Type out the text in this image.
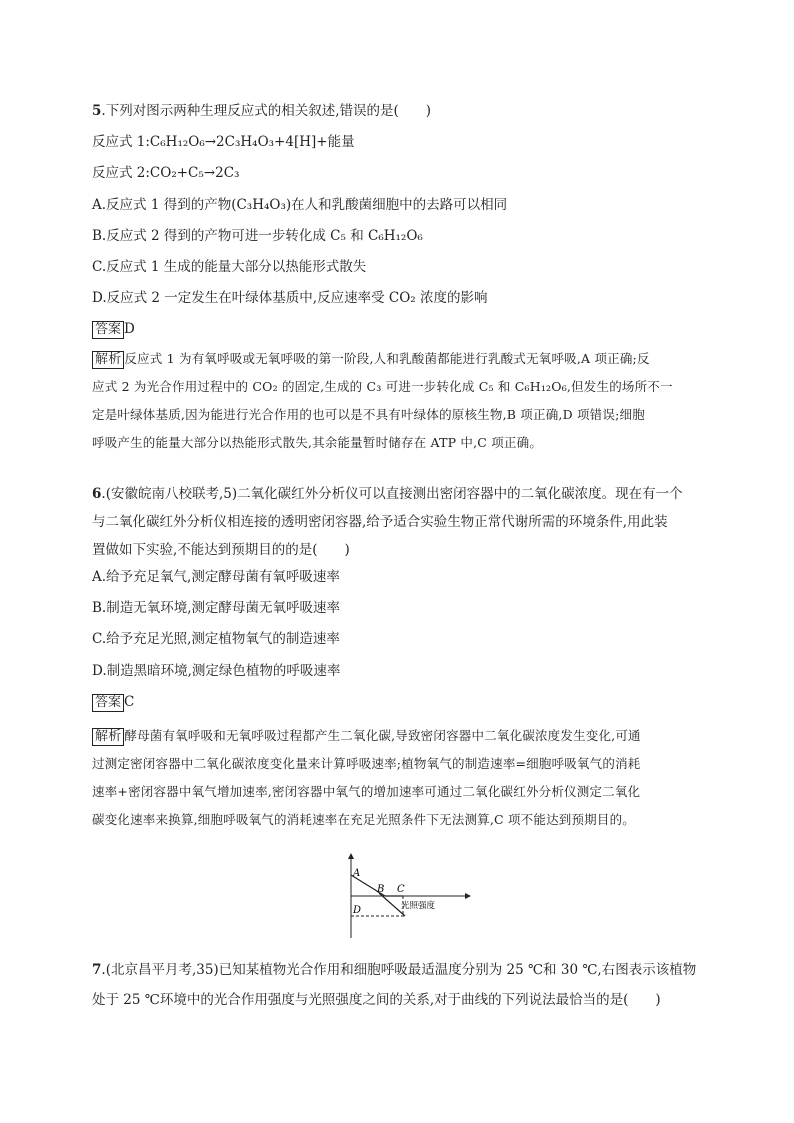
5.下列对图示两种生理反应式的相关叙述,错误的是(　　)
反应式 1:C₆H₁₂O₆→2C₃H₄O₃+4[H]+能量
反应式 2:CO₂+C₅→2C₃
A.反应式 1 得到的产物(C₃H₄O₃)在人和乳酸菌细胞中的去路可以相同
B.反应式 2 得到的产物可进一步转化成 C₅ 和 C₆H₁₂O₆
C.反应式 1 生成的能量大部分以热能形式散失
D.反应式 2 一定发生在叶绿体基质中,反应速率受 CO₂ 浓度的影响
答案 D
解析 反应式 1 为有氧呼吸或无氧呼吸的第一阶段,人和乳酸菌都能进行乳酸式无氧呼吸,A 项正确;反
应式 2 为光合作用过程中的 CO₂ 的固定,生成的 C₃ 可进一步转化成 C₅ 和 C₆H₁₂O₆,但发生的场所不一
定是叶绿体基质,因为能进行光合作用的也可以是不具有叶绿体的原核生物,B 项正确,D 项错误;细胞
呼吸产生的能量大部分以热能形式散失,其余能量暂时储存在 ATP 中,C 项正确。
6.(安徽皖南八校联考,5)二氧化碳红外分析仪可以直接测出密闭容器中的二氧化碳浓度。现在有一个
与二氧化碳红外分析仪相连接的透明密闭容器,给予适合实验生物正常代谢所需的环境条件,用此装
置做如下实验,不能达到预期目的的是(　　)
A.给予充足氧气,测定酵母菌有氧呼吸速率
B.制造无氧环境,测定酵母菌无氧呼吸速率
C.给予充足光照,测定植物氧气的制造速率
D.制造黑暗环境,测定绿色植物的呼吸速率
答案 C
解析 酵母菌有氧呼吸和无氧呼吸过程都产生二氧化碳,导致密闭容器中二氧化碳浓度发生变化,可通
过测定密闭容器中二氧化碳浓度变化量来计算呼吸速率;植物氧气的制造速率=细胞呼吸氧气的消耗
速率+密闭容器中氧气增加速率,密闭容器中氧气的增加速率可通过二氧化碳红外分析仪测定二氧化
碳变化速率来换算,细胞呼吸氧气的消耗速率在充足光照条件下无法测算,C 项不能达到预期目的。
A
B C
D	光照强度
7.(北京昌平月考,35)已知某植物光合作用和细胞呼吸最适温度分别为 25 ℃和 30 ℃,右图表示该植物
处于 25 ℃环境中的光合作用强度与光照强度之间的关系,对于曲线的下列说法最恰当的是(　　)
